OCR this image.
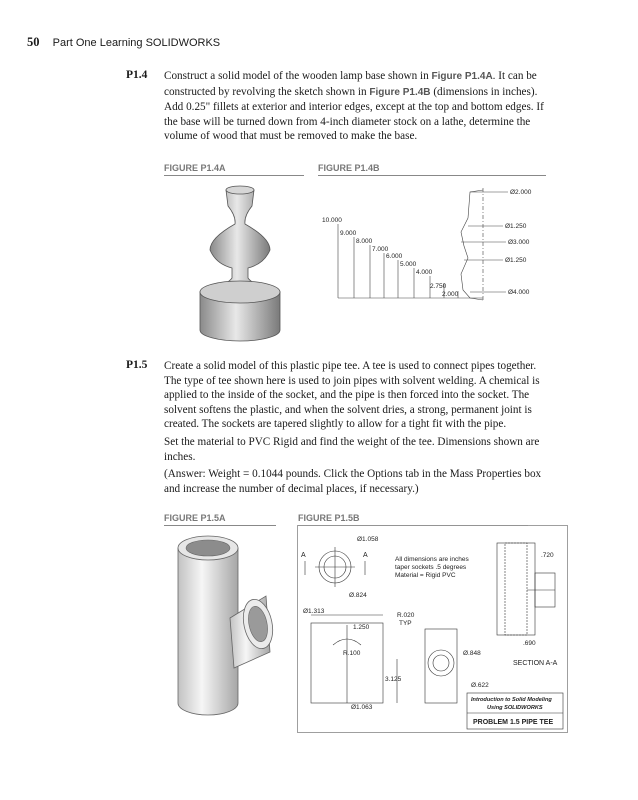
50 Part One Learning SOLIDWORKS
P1.4 Construct a solid model of the wooden lamp base shown in Figure P1.4A. It can be constructed by revolving the sketch shown in Figure P1.4B (dimensions in inches). Add 0.25" fillets at exterior and interior edges, except at the top and bottom edges. If the base will be turned down from 4-inch diameter stock on a lathe, determine the volume of wood that must be removed to make the base.

FIGURE P1.4A	FIGURE P1.4B
10.000
9.000
8.000
7.000
6.000
5.000
4.000
2.750
2.000
Ø2.000
Ø1.250
Ø3.000
Ø1.250
Ø4.000
P1.5 Create a solid model of this plastic pipe tee. A tee is used to connect pipes together. The type of tee shown here is used to join pipes with solvent welding. A chemical is applied to the inside of the socket, and the pipe is then forced into the socket. The solvent softens the plastic, and when the solvent dries, a strong, permanent joint is created. The sockets are tapered slightly to allow for a tight fit with the pipe.

Set the material to PVC Rigid and find the weight of the tee. Dimensions shown are inches.

(Answer: Weight = 0.1044 pounds. Click the Options tab in the Mass Properties box and increase the number of decimal places, if necessary.)

FIGURE P1.5A	FIGURE P1.5B
Ø1.058
A	A
Ø.824
All dimensions are inches
taper sockets .5 degrees
Material = Rigid PVC
.720
Ø1.313
1.250
R.020
TYP
.690
R.100
3.125
Ø1.063
Ø.848
Ø.622
SECTION A-A
Introduction to Solid Modeling
Using SOLIDWORKS
PROBLEM 1.5 PIPE TEE
